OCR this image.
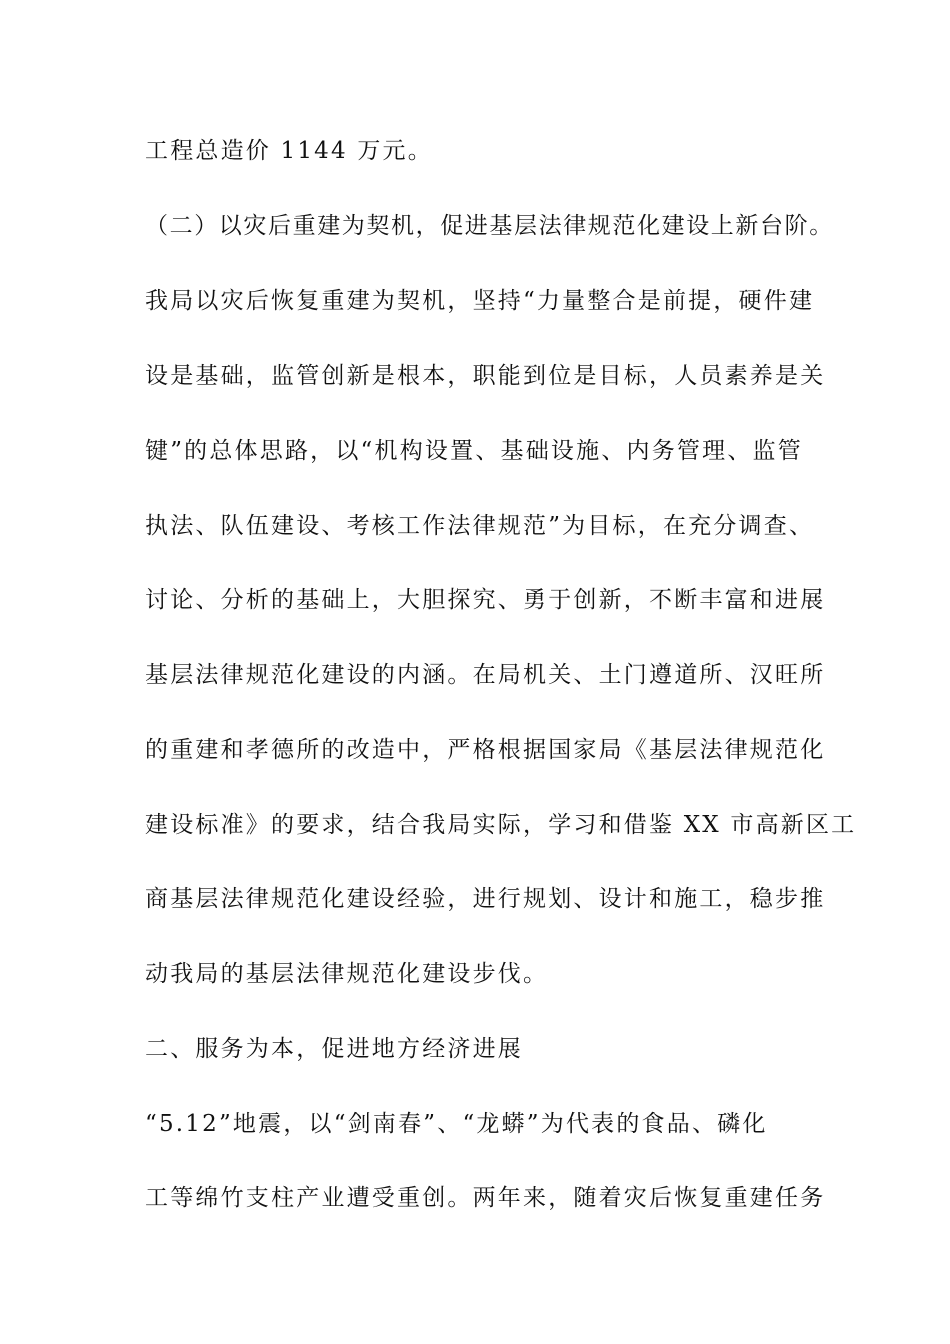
工程总造价 1144 万元。
（二）以灾后重建为契机，促进基层法律规范化建设上新台阶。
我局以灾后恢复重建为契机，坚持“力量整合是前提，硬件建
设是基础，监管创新是根本，职能到位是目标，人员素养是关
键”的总体思路，以“机构设置、基础设施、内务管理、监管
执法、队伍建设、考核工作法律规范”为目标，在充分调查、
讨论、分析的基础上，大胆探究、勇于创新，不断丰富和进展
基层法律规范化建设的内涵。在局机关、土门遵道所、汉旺所
的重建和孝德所的改造中，严格根据国家局《基层法律规范化
建设标准》的要求，结合我局实际，学习和借鉴 XX 市高新区工
商基层法律规范化建设经验，进行规划、设计和施工，稳步推
动我局的基层法律规范化建设步伐。
二、服务为本，促进地方经济进展
“5.12”地震，以“剑南春”、“龙蟒”为代表的食品、磷化
工等绵竹支柱产业遭受重创。两年来，随着灾后恢复重建任务
